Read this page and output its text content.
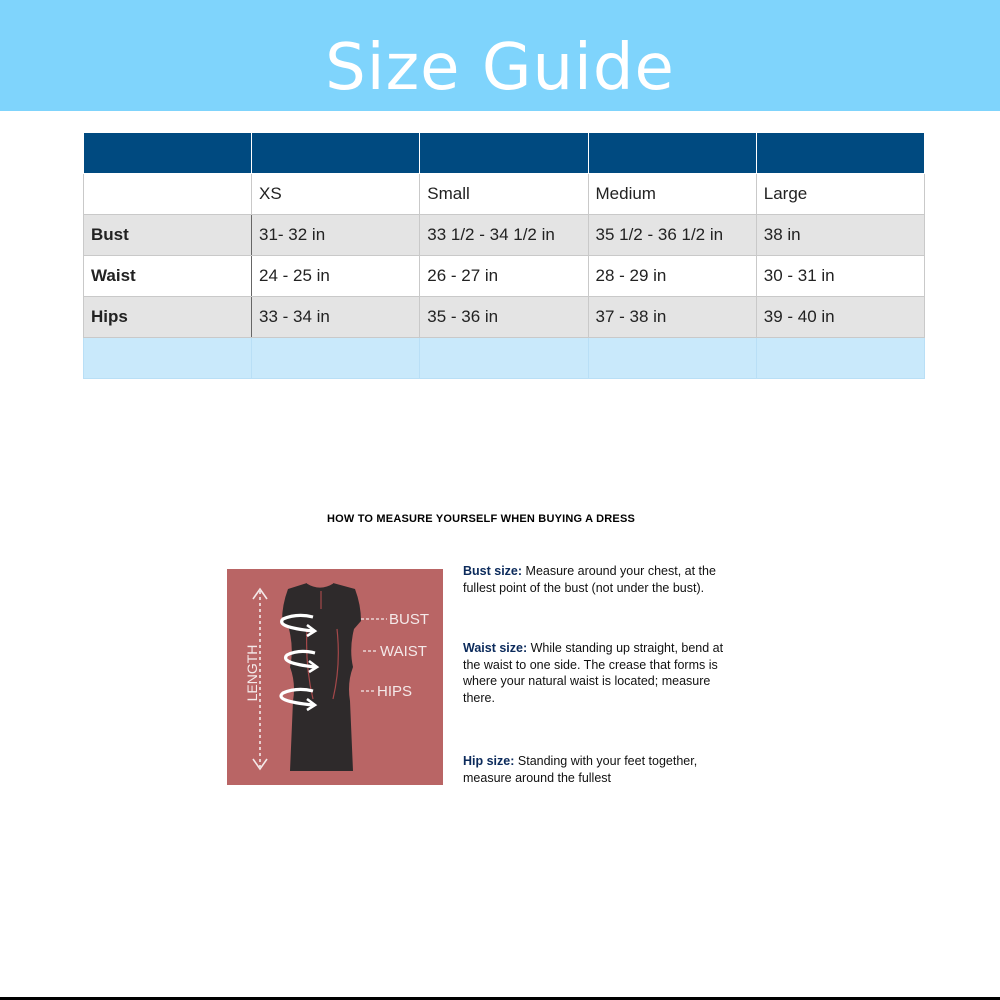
Size Guide

	XS	Small	Medium	Large
Bust	31- 32 in	33 1/2 - 34 1/2 in	35 1/2 - 36 1/2 in	38 in
Waist	24 - 25 in	26 - 27 in	28 - 29 in	30 - 31 in
Hips	33 - 34 in	35 - 36 in	37 - 38 in	39 - 40 in

HOW TO MEASURE YOURSELF WHEN BUYING A DRESS
LENGTH
BUST
WAIST
HIPS

Bust size: Measure around your chest, at the fullest point of the bust (not under the bust).

Waist size: While standing up straight, bend at the waist to one side. The crease that forms is where your natural waist is located; measure there.

Hip size: Standing with your feet together, measure around the fullest
